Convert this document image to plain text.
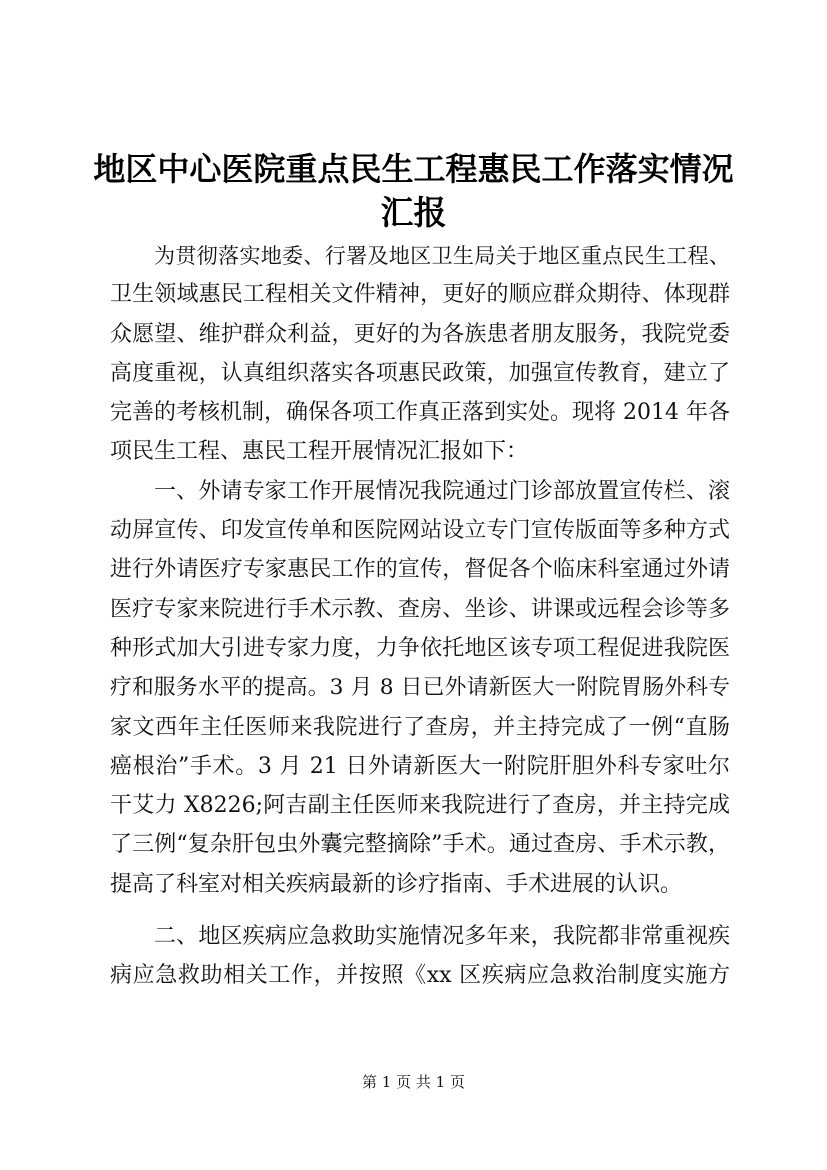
地区中心医院重点民生工程惠民工作落实情况
汇报
为贯彻落实地委、行署及地区卫生局关于地区重点民生工程、
卫生领域惠民工程相关文件精神，更好的顺应群众期待、体现群
众愿望、维护群众利益，更好的为各族患者朋友服务，我院党委
高度重视，认真组织落实各项惠民政策，加强宣传教育，建立了
完善的考核机制，确保各项工作真正落到实处。现将 2014 年各
项民生工程、惠民工程开展情况汇报如下：
一、外请专家工作开展情况我院通过门诊部放置宣传栏、滚
动屏宣传、印发宣传单和医院网站设立专门宣传版面等多种方式
进行外请医疗专家惠民工作的宣传，督促各个临床科室通过外请
医疗专家来院进行手术示教、查房、坐诊、讲课或远程会诊等多
种形式加大引进专家力度，力争依托地区该专项工程促进我院医
疗和服务水平的提高。3 月 8 日已外请新医大一附院胃肠外科专
家文西年主任医师来我院进行了查房，并主持完成了一例“直肠
癌根治”手术。3 月 21 日外请新医大一附院肝胆外科专家吐尔
干艾力 X8226;阿吉副主任医师来我院进行了查房，并主持完成
了三例“复杂肝包虫外囊完整摘除”手术。通过查房、手术示教，
提高了科室对相关疾病最新的诊疗指南、手术进展的认识。
二、地区疾病应急救助实施情况多年来，我院都非常重视疾
病应急救助相关工作，并按照《xx 区疾病应急救治制度实施方
第 1 页 共 1 页
